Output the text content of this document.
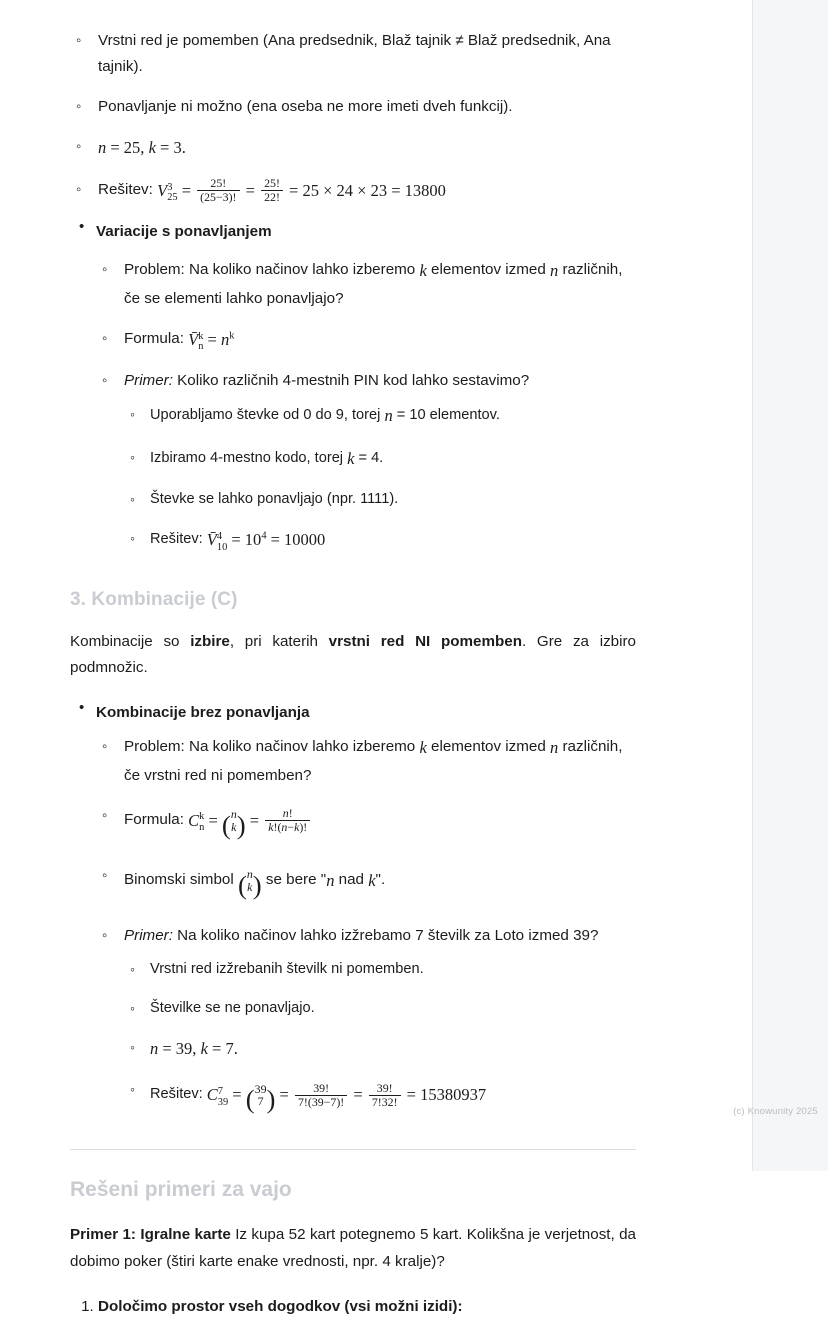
◦ Vrstni red je pomemben (Ana predsednik, Blaž tajnik ≠ Blaž predsednik, Ana tajnik).
◦ Ponavljanje ni možno (ena oseba ne more imeti dveh funkcij).
◦ n = 25, k = 3.
◦ Rešitev: V 3
$25 = \frac{25!}{(25-3)!} = \frac{25!}{22!} = 25 \times 24 \times 23 = 13800$
• Variacije s ponavljanjem
◦ Problem: Na koliko načinov lahko izberemo k elementov izmed n različnih, če se elementi lahko ponavljajo?
◦ Formula: V̄ k
$n = n^k$
◦ Primer: Koliko različnih 4-mestnih PIN kod lahko sestavimo?
◦ Uporabljamo števke od 0 do 9, torej n = 10 elementov.
◦ Izbiramo 4-mestno kodo, torej k = 4.
◦ Števke se lahko ponavljajo (npr. 1111).
◦ Rešitev: V̄ 4
$10 = 10^4 = 10000$
3. Kombinacije (C)

Kombinacije so izbire, pri katerih vrstni red NI pomemben. Gre za izbiro podmnožic.

• Kombinacije brez ponavljanja
◦ Problem: Na koliko načinov lahko izberemo k elementov izmed n različnih, če vrstni red ni pomemben?
◦ Formula: C k
n = ( n
k ) = $\frac{n!}{k!(n-k)!}$
◦ Binomski simbol ( n
k ) se bere "n nad k".
◦ Primer: Na koliko načinov lahko izžrebamo 7 številk za Loto izmed 39?
◦ Vrstni red izžrebanih številk ni pomemben.
◦ Številke se ne ponavljajo.
◦ n = 39, k = 7.
◦ Rešitev: C 7
39 = ( 39
7 ) = $\frac{39!}{7!(39-7)!} = \frac{39!}{7!32!} = 15380937$
Rešeni primeri za vajo

Primer 1: Igralne karte Iz kupa 52 kart potegnemo 5 kart. Kolikšna je verjetnost, da dobimo poker (štiri karte enake vrednosti, npr. 4 kralje)?

1. Določimo prostor vseh dogodkov (vsi možni izidi):
(c) Knowunity 2025
